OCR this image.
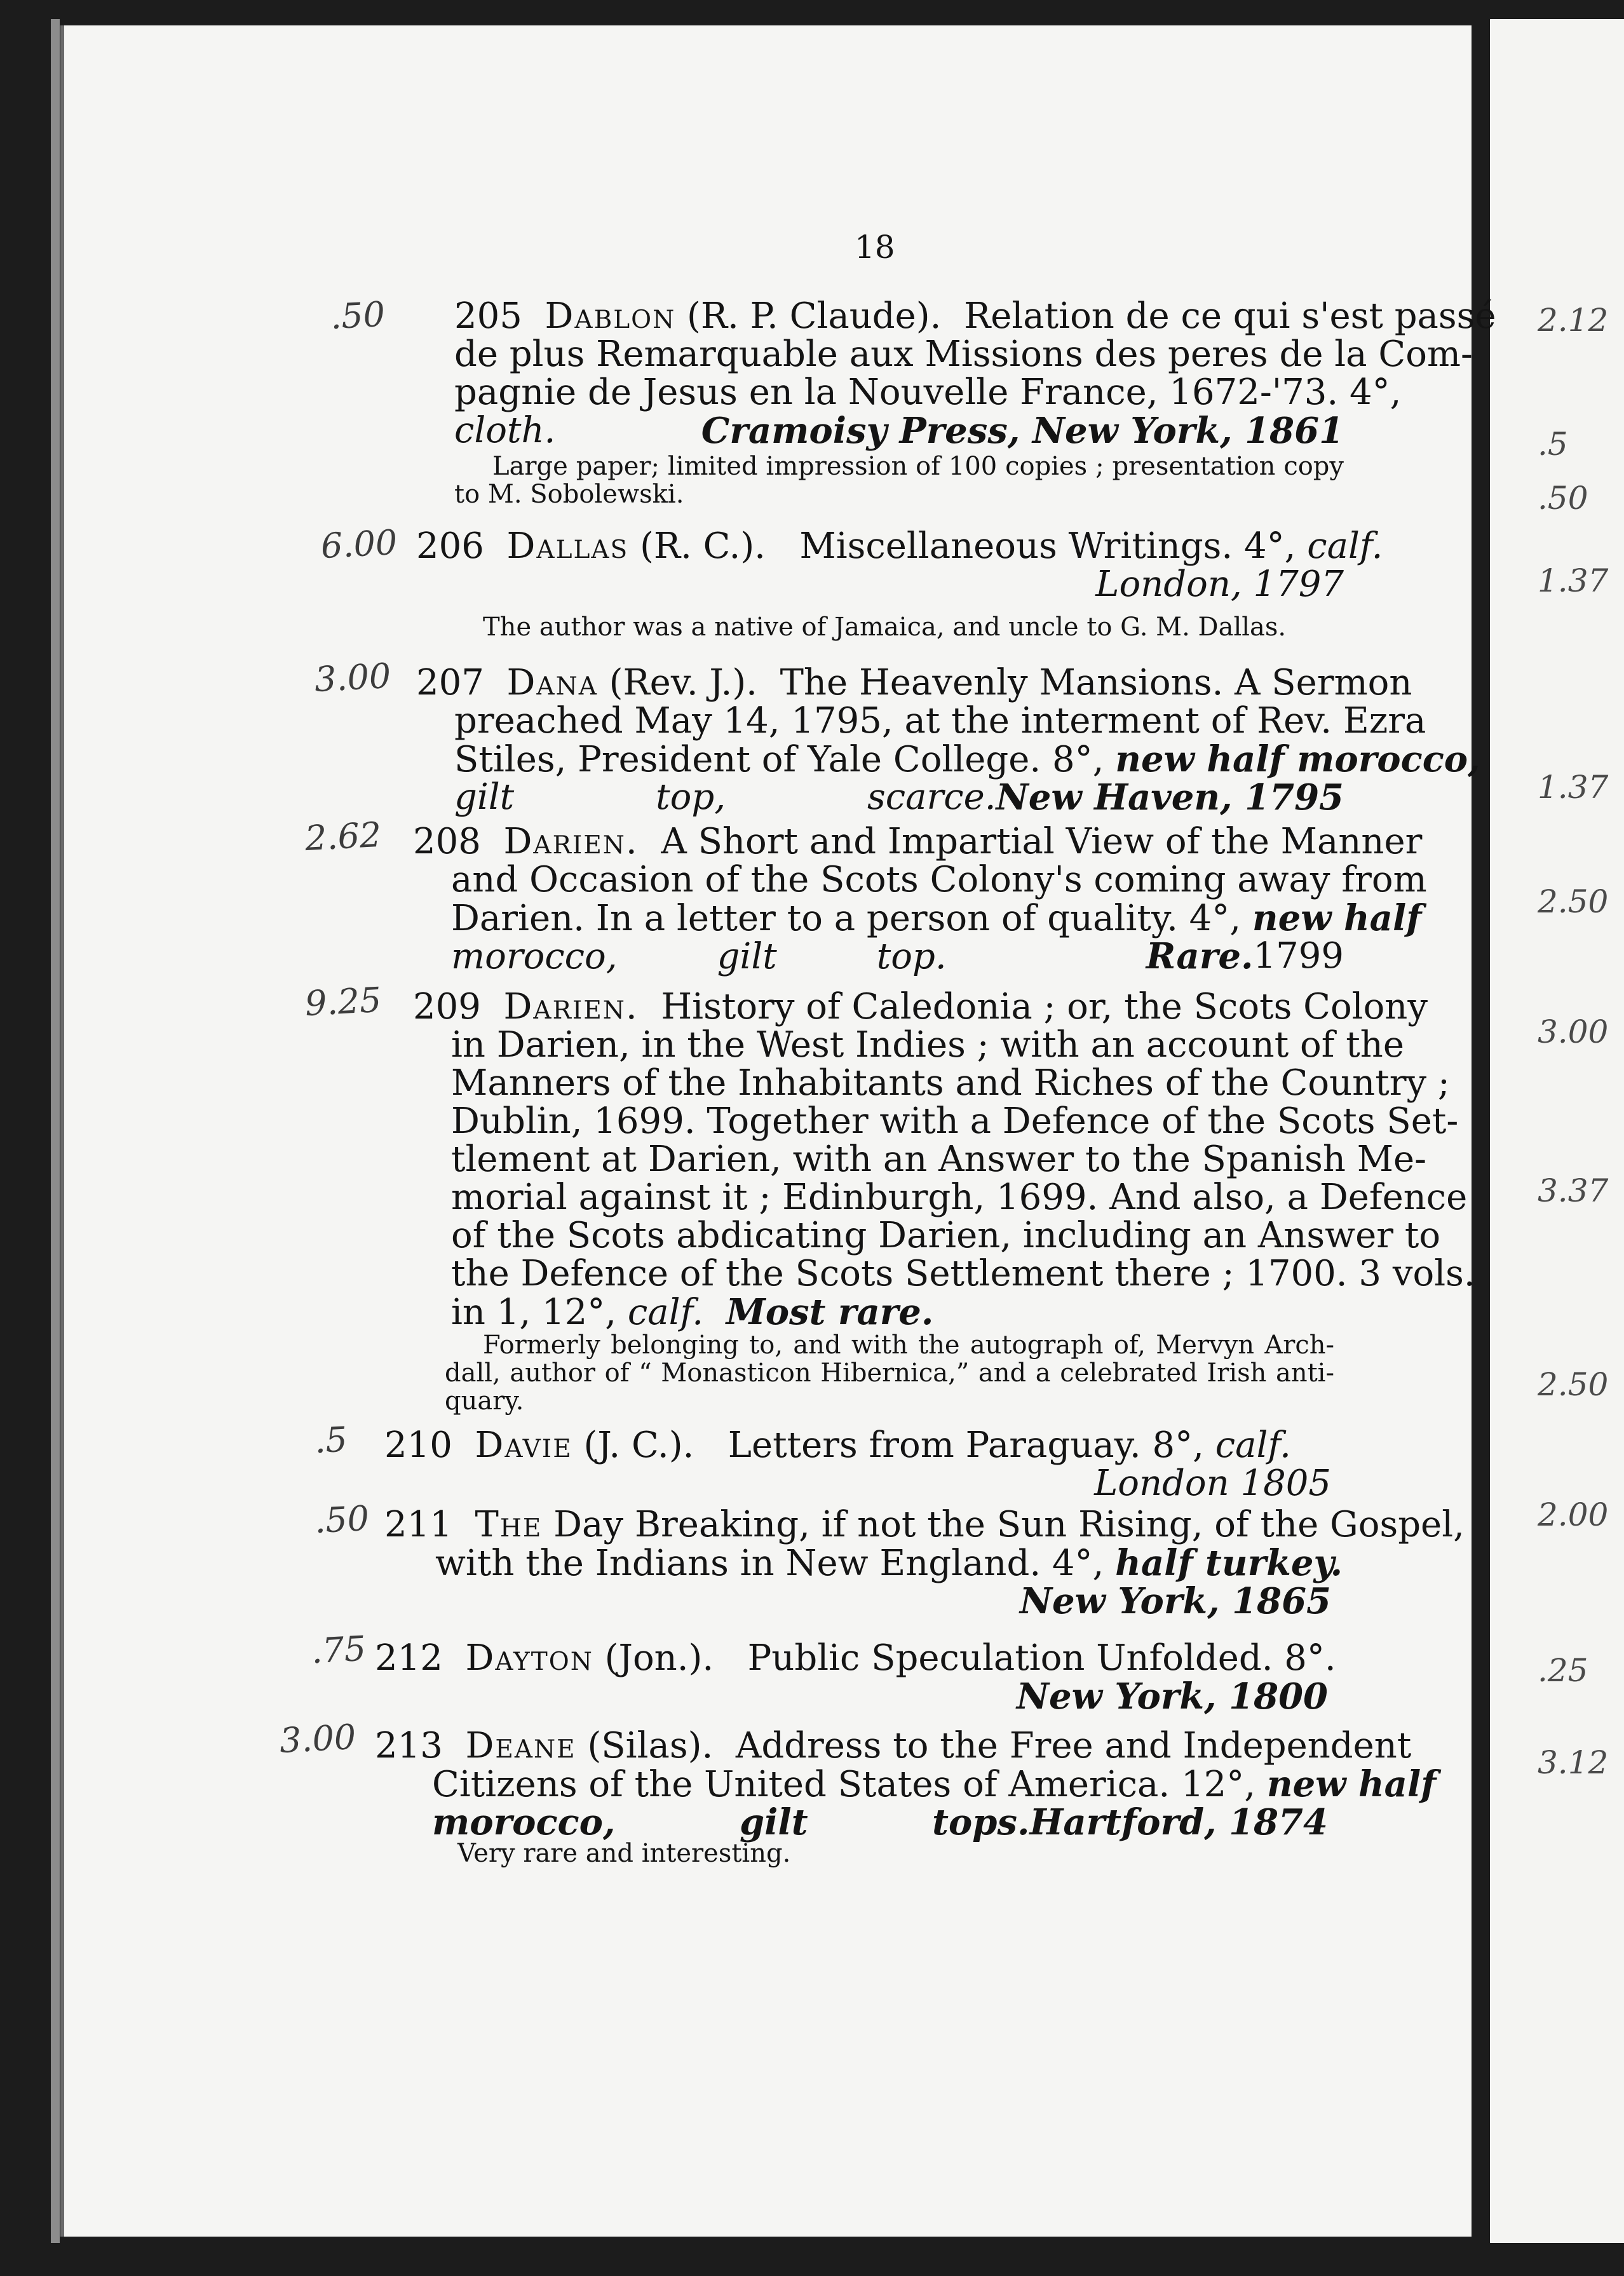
18
.50 205 Dablon (R. P. Claude). Relation de ce qui s'est passé
de plus Remarquable aux Missions des peres de la Com-
pagnie de Jesus en la Nouvelle France, 1672-'73. 4°,
cloth.	Cramoisy Press, New York, 1861
Large paper; limited impression of 100 copies ; presentation copy
to M. Sobolewski.
6.00 206 Dallas (R. C.). Miscellaneous Writings. 4°, calf.
London, 1797
The author was a native of Jamaica, and uncle to G. M. Dallas.
3.00 207 Dana (Rev. J.). The Heavenly Mansions. A Sermon
preached May 14, 1795, at the interment of Rev. Ezra
Stiles, President of Yale College. 8°, new half morocco,
gilt top, scarce. New Haven, 1795
2.62 208 Darien. A Short and Impartial View of the Manner
and Occasion of the Scots Colony's coming away from
Darien. In a letter to a person of quality. 4°, new half
morocco, gilt top.	Rare. 1799
9.25 209 Darien. History of Caledonia ; or, the Scots Colony
in Darien, in the West Indies ; with an account of the
Manners of the Inhabitants and Riches of the Country ;
Dublin, 1699. Together with a Defence of the Scots Set-
tlement at Darien, with an Answer to the Spanish Me-
morial against it ; Edinburgh, 1699. And also, a Defence
of the Scots abdicating Darien, including an Answer to
the Defence of the Scots Settlement there ; 1700. 3 vols.
in 1, 12°, calf. Most rare.
Formerly belonging to, and with the autograph of, Mervyn Arch-
dall, author of “ Monasticon Hibernica,” and a celebrated Irish anti-
quary.
.5 210 Davie (J. C.). Letters from Paraguay. 8°, calf.
London 1805
.50 211 The Day Breaking, if not the Sun Rising, of the Gospel,
with the Indians in New England. 4°, half turkey.
New York, 1865
.75 212 Dayton (Jon.). Public Speculation Unfolded. 8°.
New York, 1800
3.00 213 Deane (Silas). Address to the Free and Independent
Citizens of the United States of America. 12°, new half
morocco, gilt tops. Hartford, 1874
Very rare and interesting.
2.12
.5
.50
1.37
1.37
2.50
3.00
3.37
2.50
2.00
.25
3.12
